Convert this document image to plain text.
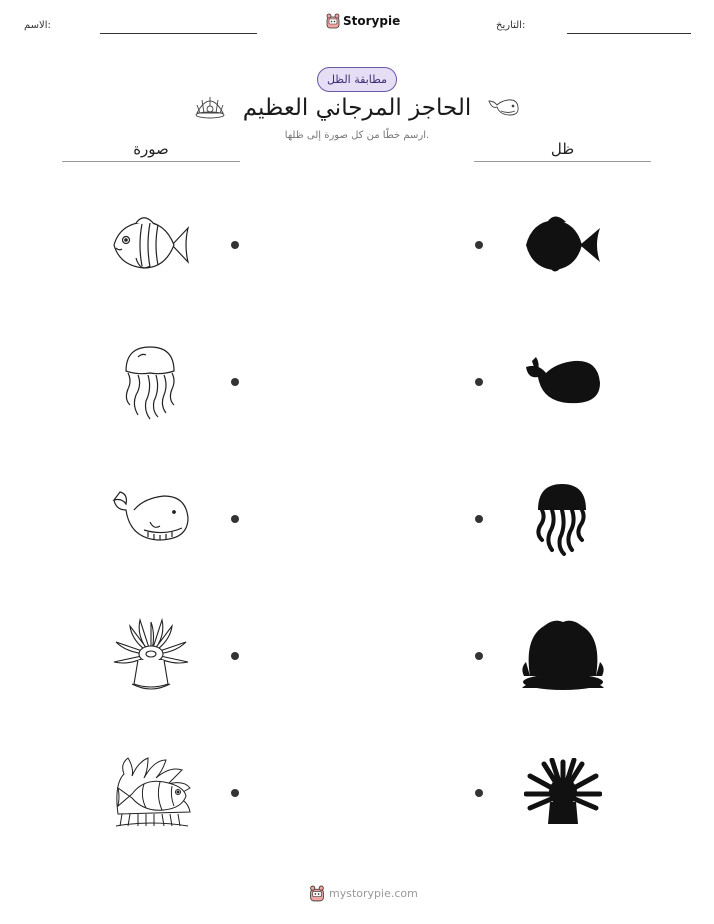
الاسم:	Storypie	التاريخ:
مطابقة الظل
الحاجز المرجاني العظيم
ارسم خطًا من كل صورة إلى ظلها.
صورة	ظل
mystorypie.com
